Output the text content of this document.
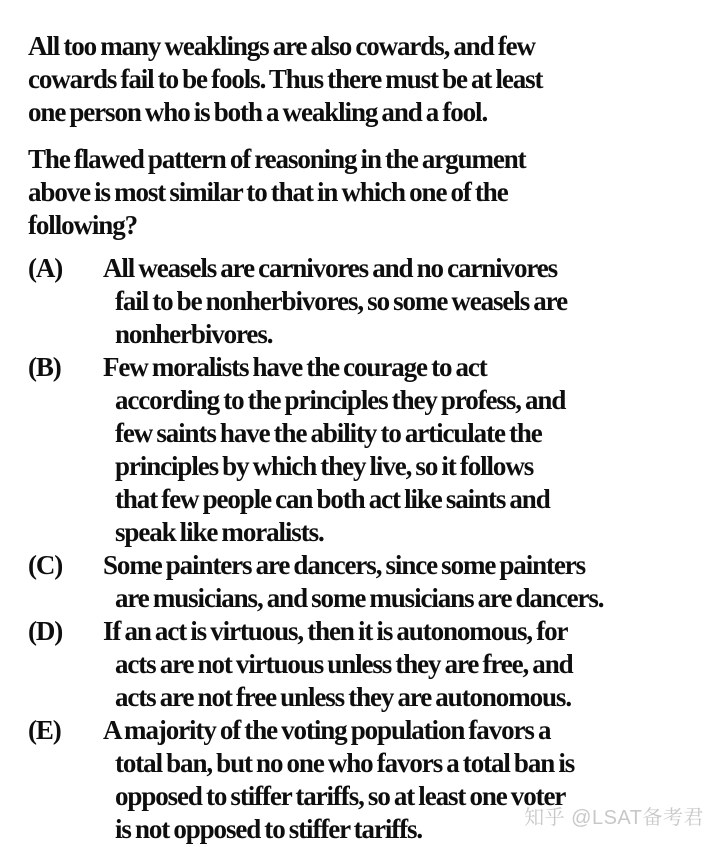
All too many weaklings are also cowards, and few
cowards fail to be fools. Thus there must be at least
one person who is both a weakling and a fool.
The flawed pattern of reasoning in the argument
above is most similar to that in which one of the
following?
(A)	All weasels are carnivores and no carnivores
fail to be nonherbivores, so some weasels are
nonherbivores.
(B)	Few moralists have the courage to act
according to the principles they profess, and
few saints have the ability to articulate the
principles by which they live, so it follows
that few people can both act like saints and
speak like moralists.
(C)	Some painters are dancers, since some painters
are musicians, and some musicians are dancers.
(D)	If an act is virtuous, then it is autonomous, for
acts are not virtuous unless they are free, and
acts are not free unless they are autonomous.
(E)	A majority of the voting population favors a
total ban, but no one who favors a total ban is
opposed to stiffer tariffs, so at least one voter
is not opposed to stiffer tariffs.	知乎 @LSAT备考君
